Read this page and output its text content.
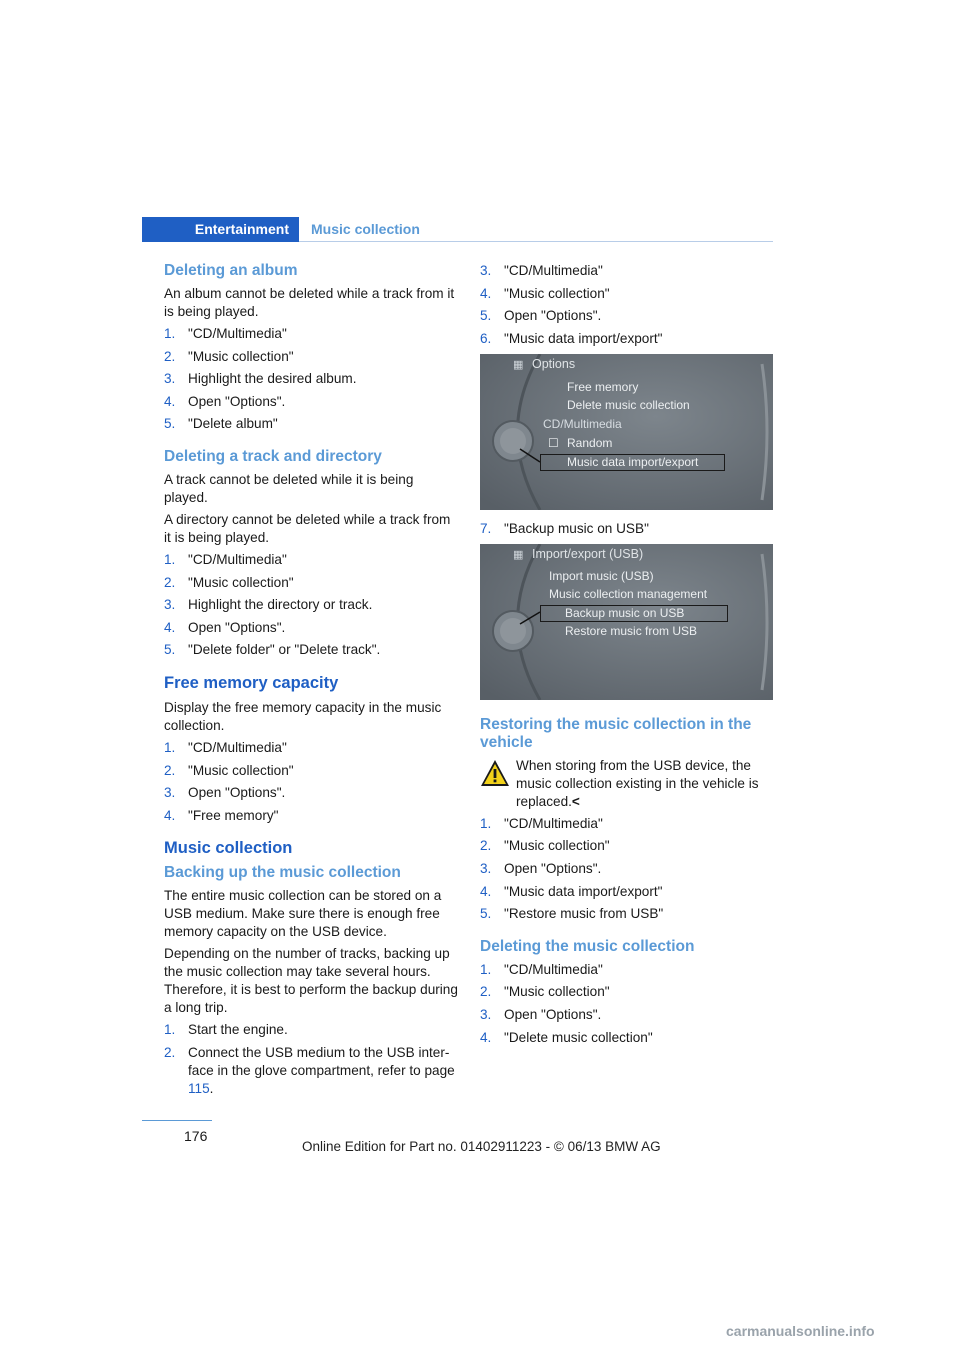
Entertainment	Music collection
Deleting an album

An album cannot be deleted while a track from it is being played.

1. "CD/Multimedia"
2. "Music collection"
3. Highlight the desired album.
4. Open "Options".
5. "Delete album"
Deleting a track and directory

A track cannot be deleted while it is being played.

A directory cannot be deleted while a track from it is being played.

1. "CD/Multimedia"
2. "Music collection"
3. Highlight the directory or track.
4. Open "Options".
5. "Delete folder" or "Delete track".
Free memory capacity

Display the free memory capacity in the music collection.

1. "CD/Multimedia"
2. "Music collection"
3. Open "Options".
4. "Free memory"
Music collection
Backing up the music collection

The entire music collection can be stored on a USB medium. Make sure there is enough free memory capacity on the USB device.

Depending on the number of tracks, backing up the music collection may take several hours. Therefore, it is best to perform the backup during a long trip.

1. Start the engine.
2. Connect the USB medium to the USB inter-face in the glove compartment, refer to page 115.
3. "CD/Multimedia"
4. "Music collection"
5. Open "Options".
6. "Music data import/export"
▦ Options
Free memory
Delete music collection
CD/Multimedia
☐ Random
Music data import/export
7. "Backup music on USB"
▦ Import/export (USB)
Import music (USB)
Music collection management
Backup music on USB
Restore music from USB
Restoring the music collection in the vehicle

When storing from the USB device, the music collection existing in the vehicle is replaced.<

1. "CD/Multimedia"
2. "Music collection"
3. Open "Options".
4. "Music data import/export"
5. "Restore music from USB"
Deleting the music collection
1. "CD/Multimedia"
2. "Music collection"
3. Open "Options".
4. "Delete music collection"
176
Online Edition for Part no. 01402911223 - © 06/13 BMW AG
carmanualsonline.info
